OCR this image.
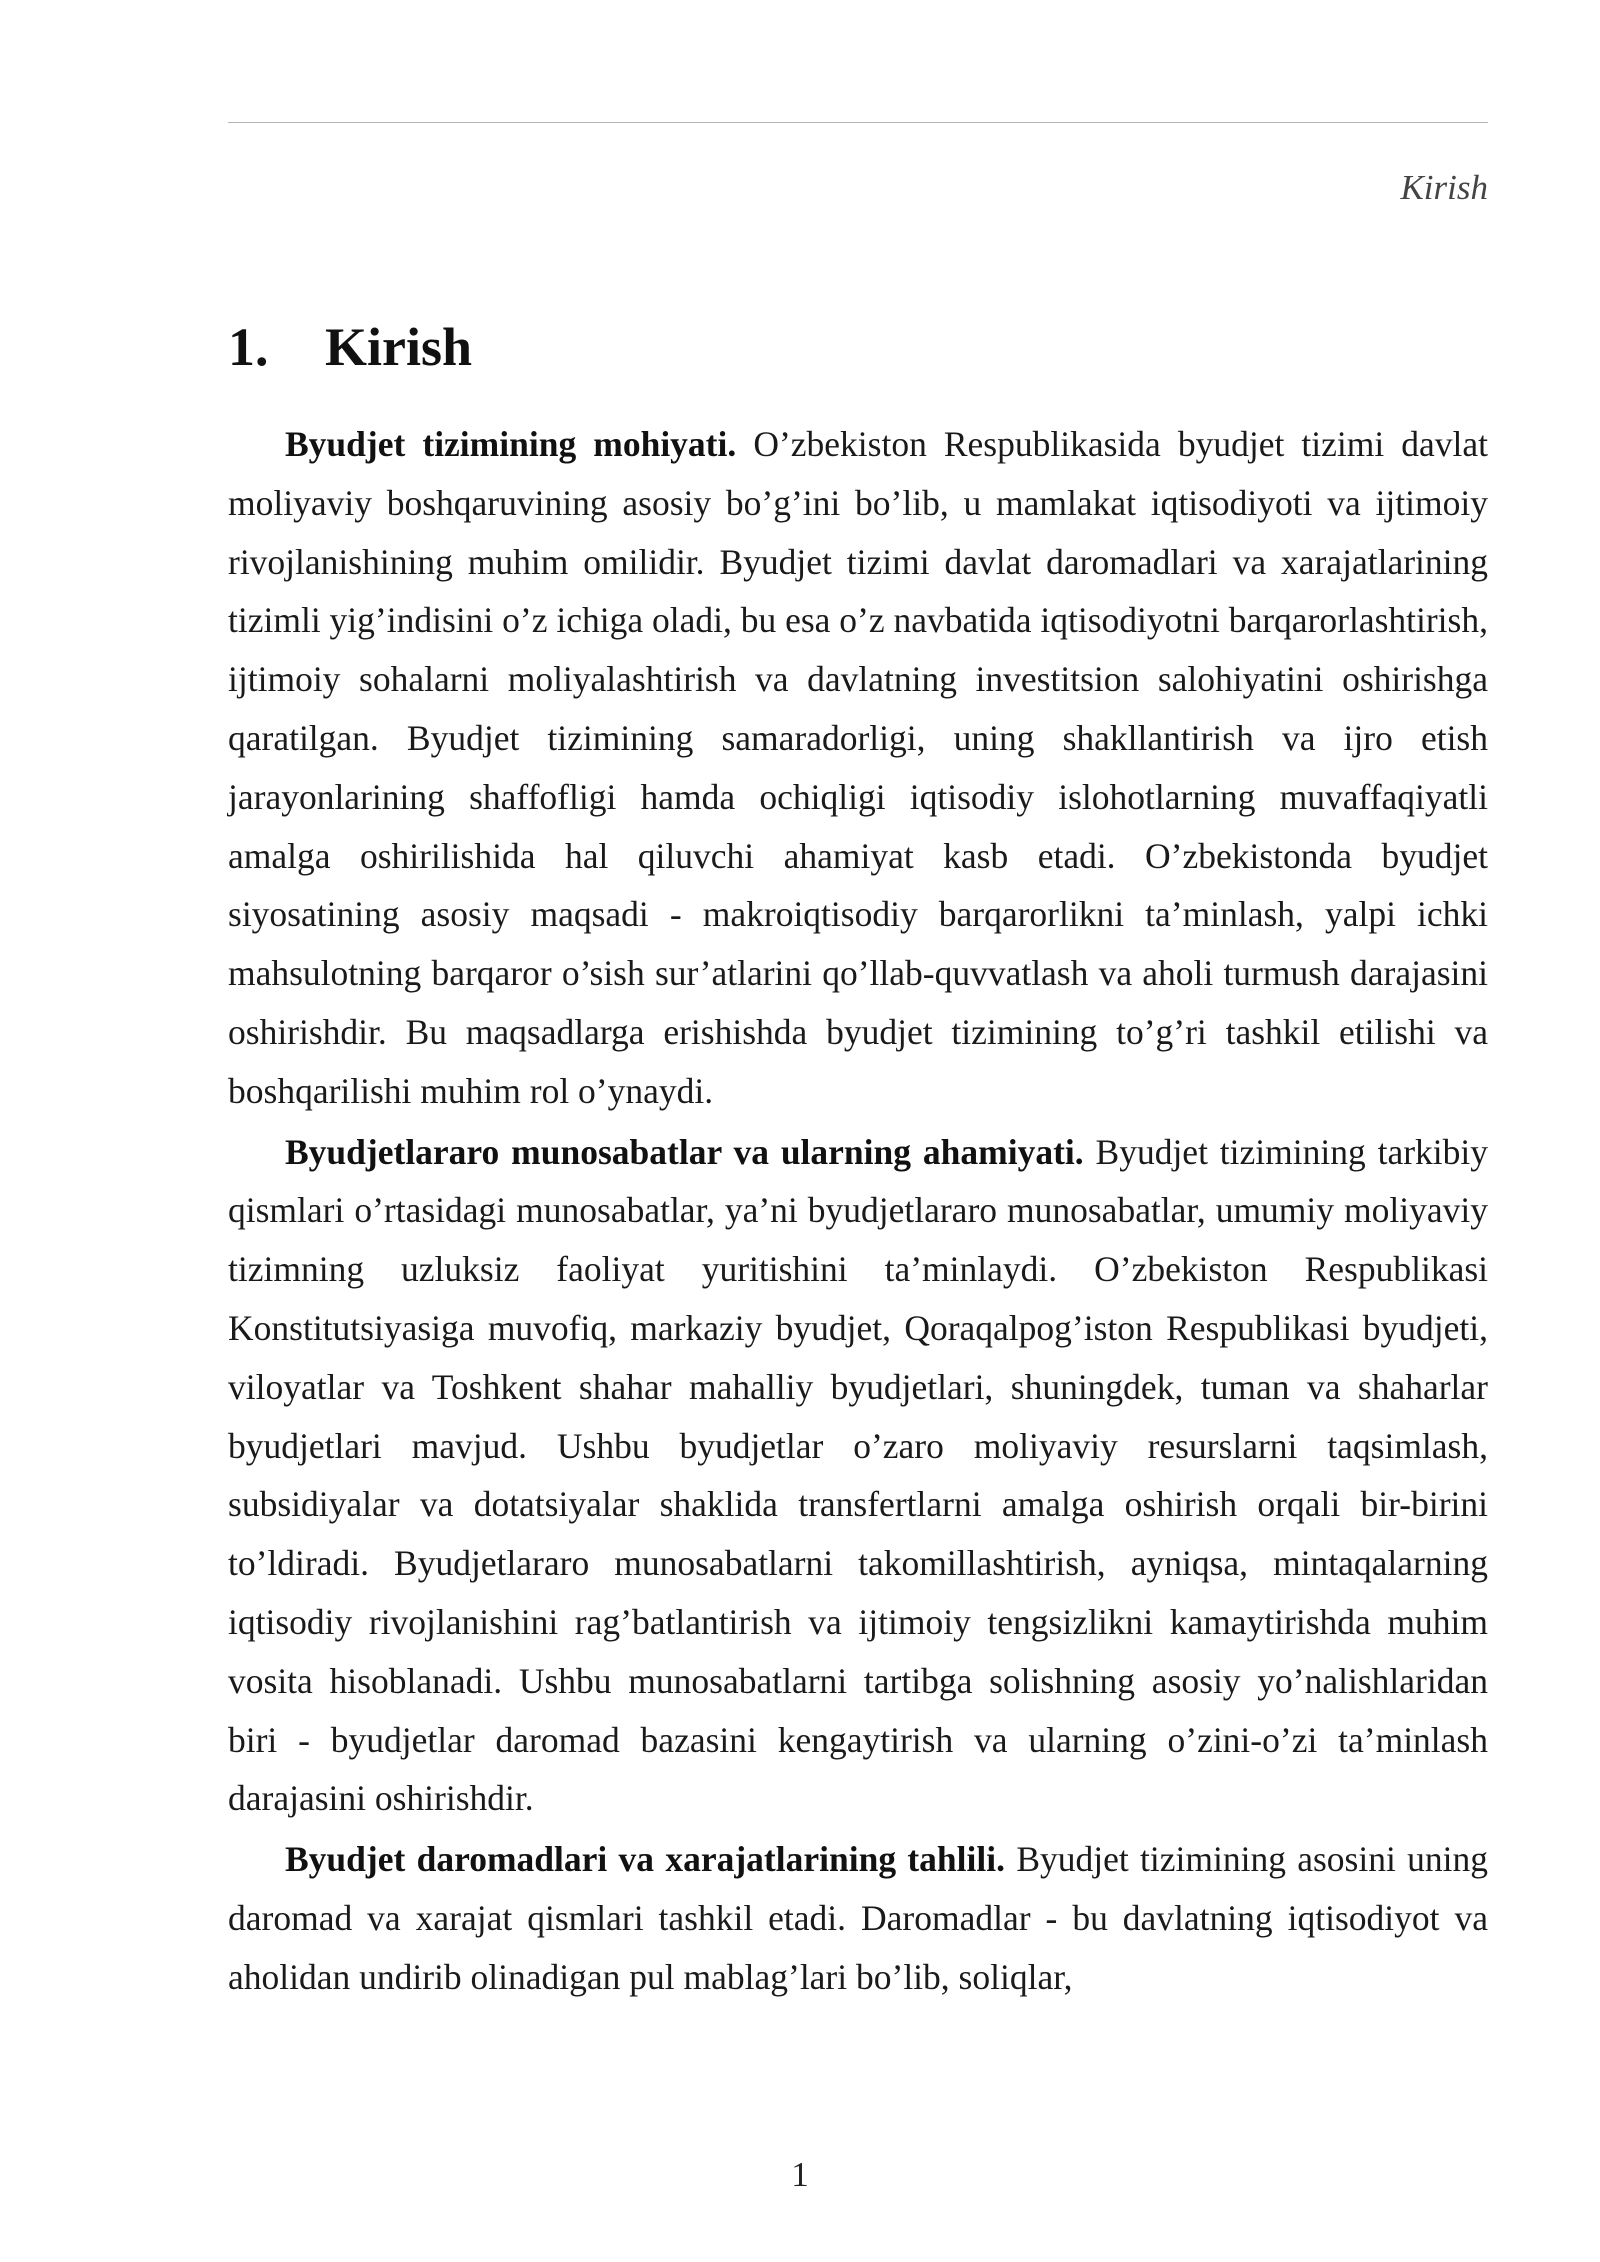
Kirish
1. Kirish

Byudjet tizimining mohiyati. O’zbekiston Respublikasida byudjet tizimi davlat moliyaviy boshqaruvining asosiy bo’g’ini bo’lib, u mamlakat iqtisodiyoti va ijtimoiy rivojlanishining muhim omilidir. Byudjet tizimi davlat daromadlari va xarajatlarining tizimli yig’indisini o’z ichiga oladi, bu esa o’z navbatida iqtisodiyotni barqarorlashtirish, ijtimoiy sohalarni moliyalashtirish va davlatning investitsion salohiyatini oshirishga qaratilgan. Byudjet tizimining samaradorligi, uning shakllantirish va ijro etish jarayonlarining shaffofligi hamda ochiqligi iqtisodiy islohotlarning muvaffaqiyatli amalga oshirilishida hal qiluvchi ahamiyat kasb etadi. O’zbekistonda byudjet siyosatining asosiy maqsadi - makroiqtisodiy barqarorlikni ta’minlash, yalpi ichki mahsulotning barqaror o’sish sur’atlarini qo’llab-quvvatlash va aholi turmush darajasini oshirishdir. Bu maqsadlarga erishishda byudjet tizimining to’g’ri tashkil etilishi va boshqarilishi muhim rol o’ynaydi.

Byudjetlararo munosabatlar va ularning ahamiyati. Byudjet tizimining tarkibiy qismlari o’rtasidagi munosabatlar, ya’ni byudjetlararo munosabatlar, umumiy moliyaviy tizimning uzluksiz faoliyat yuritishini ta’minlaydi. O’zbekiston Respublikasi Konstitutsiyasiga muvofiq, markaziy byudjet, Qoraqalpog’iston Respublikasi byudjeti, viloyatlar va Toshkent shahar mahalliy byudjetlari, shuningdek, tuman va shaharlar byudjetlari mavjud. Ushbu byudjetlar o’zaro moliyaviy resurslarni taqsimlash, subsidiyalar va dotatsiyalar shaklida transfertlarni amalga oshirish orqali bir-birini to’ldiradi. Byudjetlararo munosabatlarni takomillashtirish, ayniqsa, mintaqalarning iqtisodiy rivojlanishini rag’batlantirish va ijtimoiy tengsizlikni kamaytirishda muhim vosita hisoblanadi. Ushbu munosabatlarni tartibga solishning asosiy yo’nalishlaridan biri - byudjetlar daromad bazasini kengaytirish va ularning o’zini-o’zi ta’minlash darajasini oshirishdir.

Byudjet daromadlari va xarajatlarining tahlili. Byudjet tizimining asosini uning daromad va xarajat qismlari tashkil etadi. Daromadlar - bu davlatning iqtisodiyot va aholidan undirib olinadigan pul mablag’lari bo’lib, soliqlar,

1
